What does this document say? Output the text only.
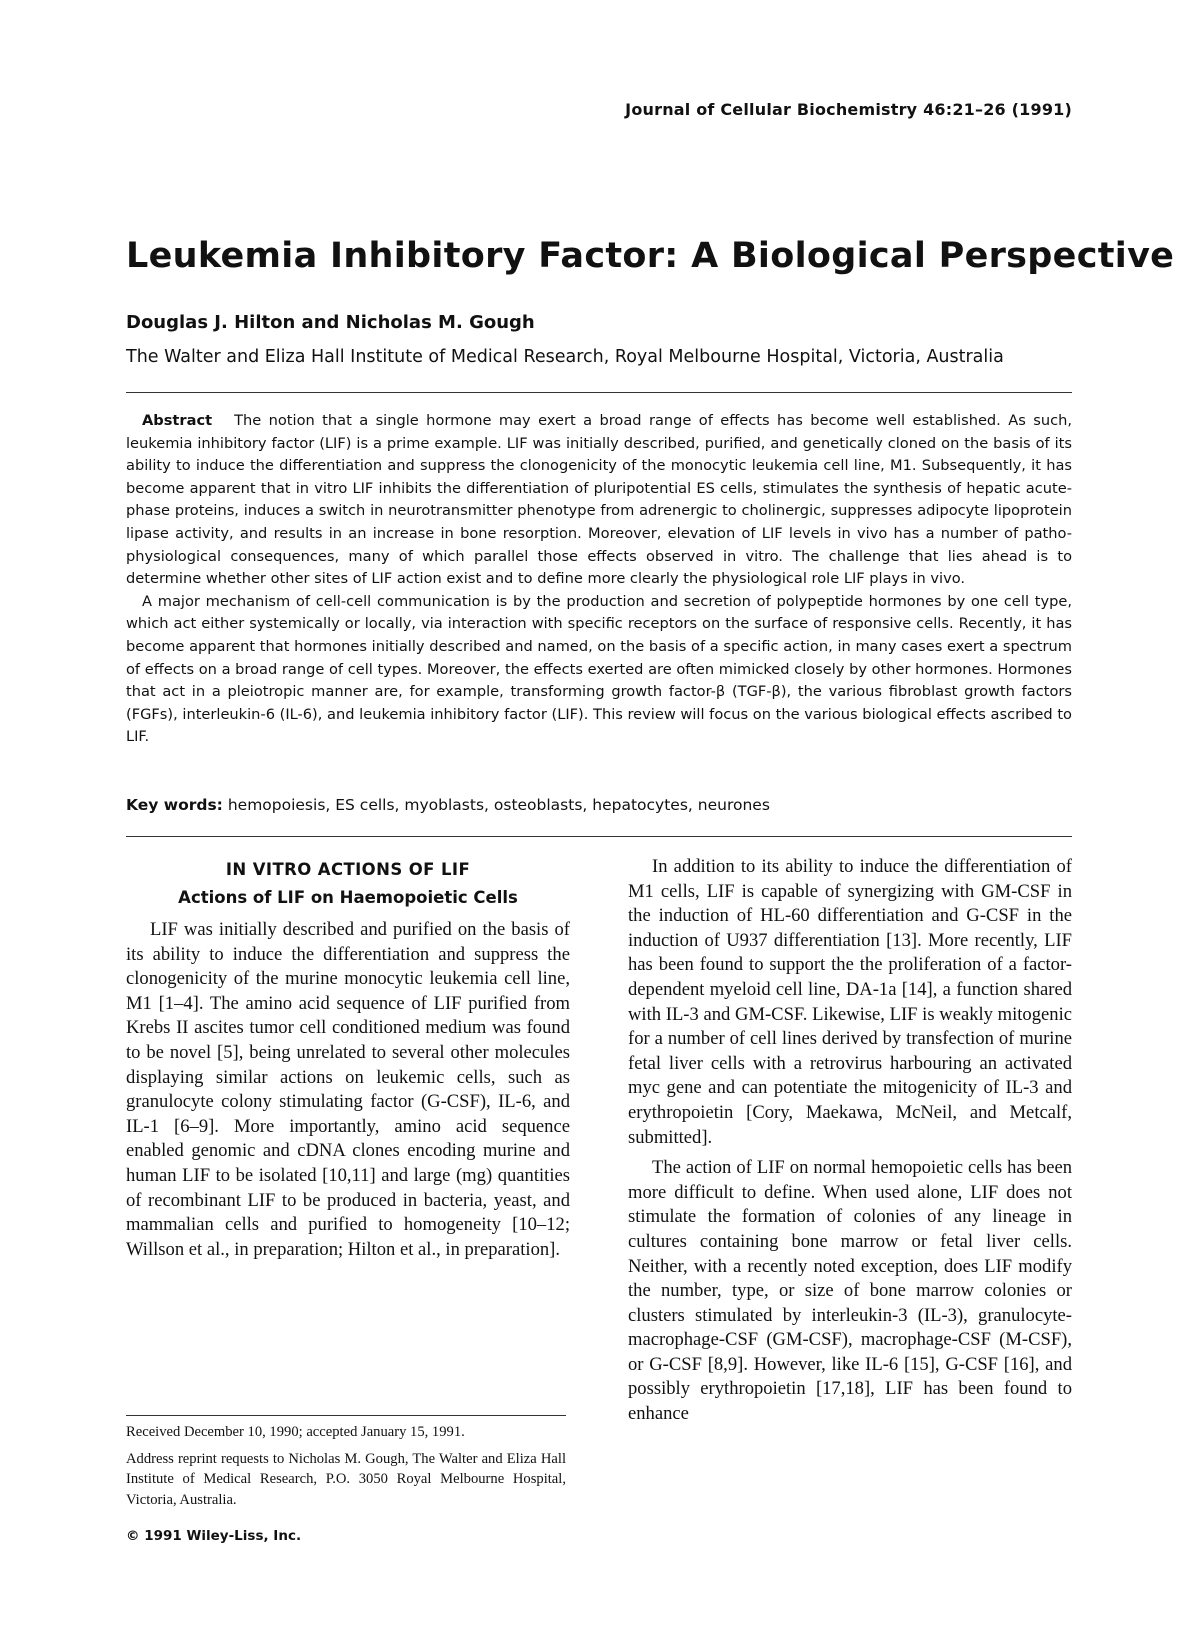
Journal of Cellular Biochemistry 46:21–26 (1991)
Leukemia Inhibitory Factor: A Biological Perspective
Douglas J. Hilton and Nicholas M. Gough
The Walter and Eliza Hall Institute of Medical Research, Royal Melbourne Hospital, Victoria, Australia

Abstract The notion that a single hormone may exert a broad range of effects has become well established. As such, leukemia inhibitory factor (LIF) is a prime example. LIF was initially described, purified, and genetically cloned on the basis of its ability to induce the differentiation and suppress the clonogenicity of the monocytic leukemia cell line, M1. Subsequently, it has become apparent that in vitro LIF inhibits the differentiation of pluripotential ES cells, stimulates the synthesis of hepatic acute-phase proteins, induces a switch in neurotransmitter phenotype from adrenergic to cholinergic, suppresses adipocyte lipoprotein lipase activity, and results in an increase in bone resorption. Moreover, elevation of LIF levels in vivo has a number of patho-physiological consequences, many of which parallel those effects observed in vitro. The challenge that lies ahead is to determine whether other sites of LIF action exist and to define more clearly the physiological role LIF plays in vivo.

A major mechanism of cell-cell communication is by the production and secretion of polypeptide hormones by one cell type, which act either systemically or locally, via interaction with specific receptors on the surface of responsive cells. Recently, it has become apparent that hormones initially described and named, on the basis of a specific action, in many cases exert a spectrum of effects on a broad range of cell types. Moreover, the effects exerted are often mimicked closely by other hormones. Hormones that act in a pleiotropic manner are, for example, transforming growth factor-β (TGF-β), the various fibroblast growth factors (FGFs), interleukin-6 (IL-6), and leukemia inhibitory factor (LIF). This review will focus on the various biological effects ascribed to LIF.

Key words: hemopoiesis, ES cells, myoblasts, osteoblasts, hepatocytes, neurones
IN VITRO ACTIONS OF LIF
Actions of LIF on Haemopoietic Cells

LIF was initially described and purified on the basis of its ability to induce the differentiation and suppress the clonogenicity of the murine monocytic leukemia cell line, M1 [1–4]. The amino acid sequence of LIF purified from Krebs II ascites tumor cell conditioned medium was found to be novel [5], being unrelated to several other molecules displaying similar actions on leukemic cells, such as granulocyte colony stimulating factor (G-CSF), IL-6, and IL-1 [6–9]. More importantly, amino acid sequence enabled genomic and cDNA clones encoding murine and human LIF to be isolated [10,11] and large (mg) quantities of recombinant LIF to be produced in bacteria, yeast, and mammalian cells and purified to homogeneity [10–12; Willson et al., in preparation; Hilton et al., in preparation].

In addition to its ability to induce the differentiation of M1 cells, LIF is capable of synergizing with GM-CSF in the induction of HL-60 differentiation and G-CSF in the induction of U937 differentiation [13]. More recently, LIF has been found to support the the proliferation of a factor-dependent myeloid cell line, DA-1a [14], a function shared with IL-3 and GM-CSF. Likewise, LIF is weakly mitogenic for a number of cell lines derived by transfection of murine fetal liver cells with a retrovirus harbouring an activated myc gene and can potentiate the mitogenicity of IL-3 and erythropoietin [Cory, Maekawa, McNeil, and Metcalf, submitted].

The action of LIF on normal hemopoietic cells has been more difficult to define. When used alone, LIF does not stimulate the formation of colonies of any lineage in cultures containing bone marrow or fetal liver cells. Neither, with a recently noted exception, does LIF modify the number, type, or size of bone marrow colonies or clusters stimulated by interleukin-3 (IL-3), granulocyte-macrophage-CSF (GM-CSF), macrophage-CSF (M-CSF), or G-CSF [8,9]. However, like IL-6 [15], G-CSF [16], and possibly erythropoietin [17,18], LIF has been found to enhance

Received December 10, 1990; accepted January 15, 1991.

Address reprint requests to Nicholas M. Gough, The Walter and Eliza Hall Institute of Medical Research, P.O. 3050 Royal Melbourne Hospital, Victoria, Australia.

© 1991 Wiley-Liss, Inc.
